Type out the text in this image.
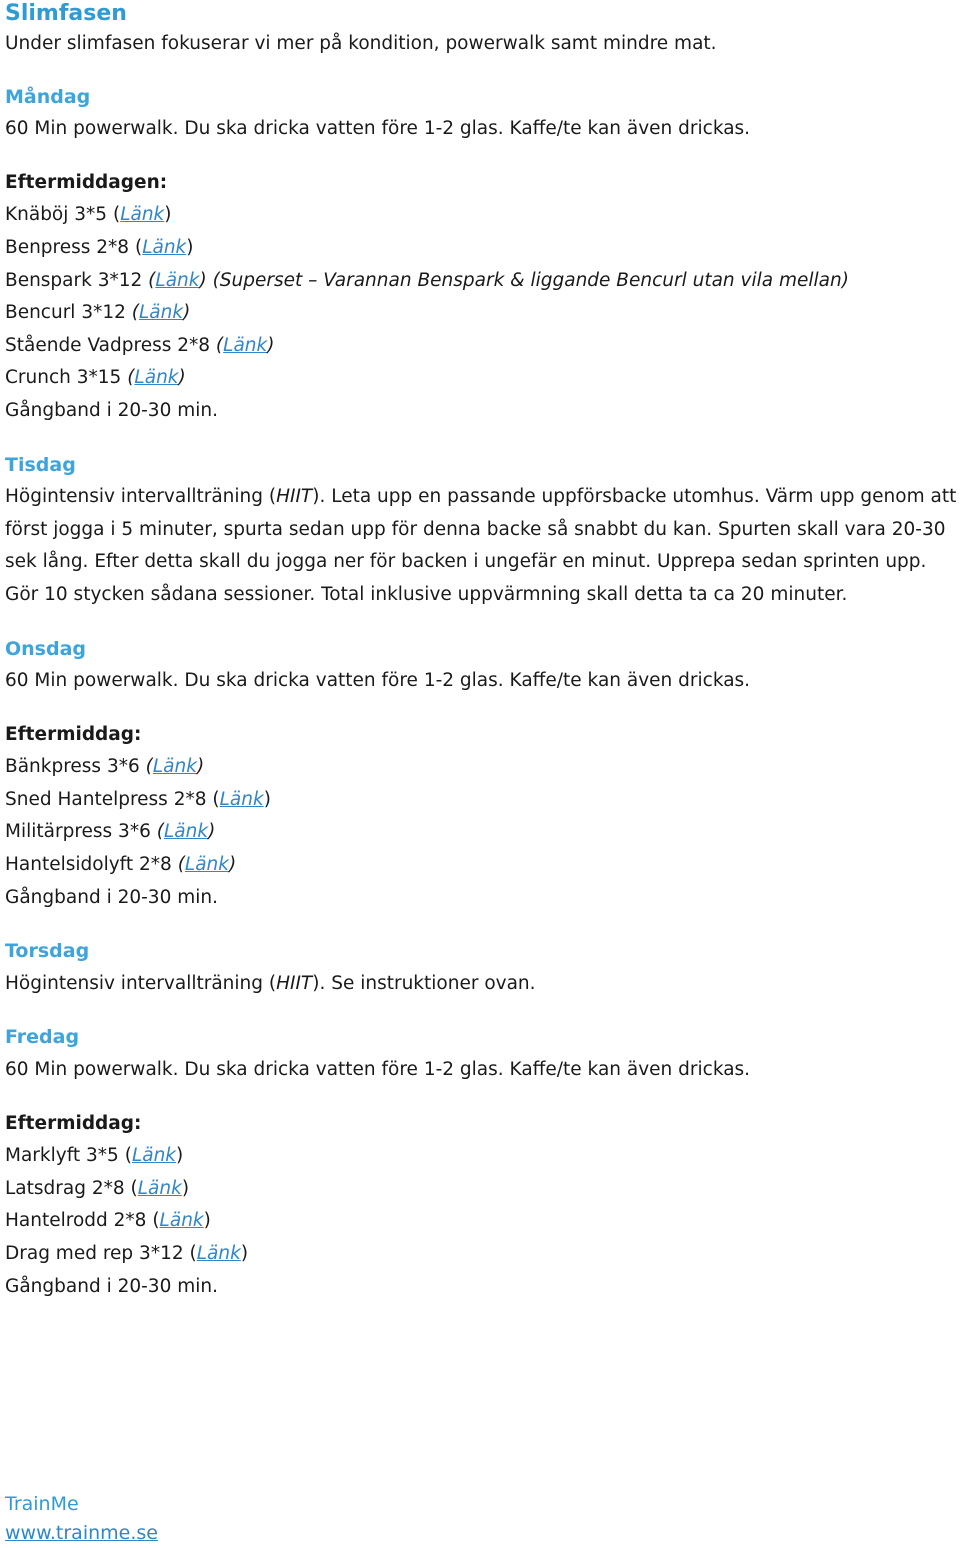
Slimfasen
Under slimfasen fokuserar vi mer på kondition, powerwalk samt mindre mat.
Måndag
60 Min powerwalk. Du ska dricka vatten före 1-2 glas. Kaffe/te kan även drickas.
Eftermiddagen:
Knäböj 3*5 (Länk)
Benpress 2*8 (Länk)
Benspark 3*12 (Länk) (Superset – Varannan Benspark & liggande Bencurl utan vila mellan)
Bencurl 3*12 (Länk)
Stående Vadpress 2*8 (Länk)
Crunch 3*15 (Länk)
Gångband i 20-30 min.
Tisdag
Högintensiv intervallträning (HIIT). Leta upp en passande uppförsbacke utomhus. Värm upp genom att först jogga i 5 minuter, spurta sedan upp för denna backe så snabbt du kan. Spurten skall vara 20-30 sek lång. Efter detta skall du jogga ner för backen i ungefär en minut. Upprepa sedan sprinten upp. Gör 10 stycken sådana sessioner. Total inklusive uppvärmning skall detta ta ca 20 minuter.
Onsdag
60 Min powerwalk. Du ska dricka vatten före 1-2 glas. Kaffe/te kan även drickas.
Eftermiddag:
Bänkpress 3*6 (Länk)
Sned Hantelpress 2*8 (Länk)
Militärpress 3*6 (Länk)
Hantelsidolyft 2*8 (Länk)
Gångband i 20-30 min.
Torsdag
Högintensiv intervallträning (HIIT). Se instruktioner ovan.
Fredag
60 Min powerwalk. Du ska dricka vatten före 1-2 glas. Kaffe/te kan även drickas.
Eftermiddag:
Marklyft 3*5 (Länk)
Latsdrag 2*8 (Länk)
Hantelrodd 2*8 (Länk)
Drag med rep 3*12 (Länk)
Gångband i 20-30 min.
TrainMe
www.trainme.se
